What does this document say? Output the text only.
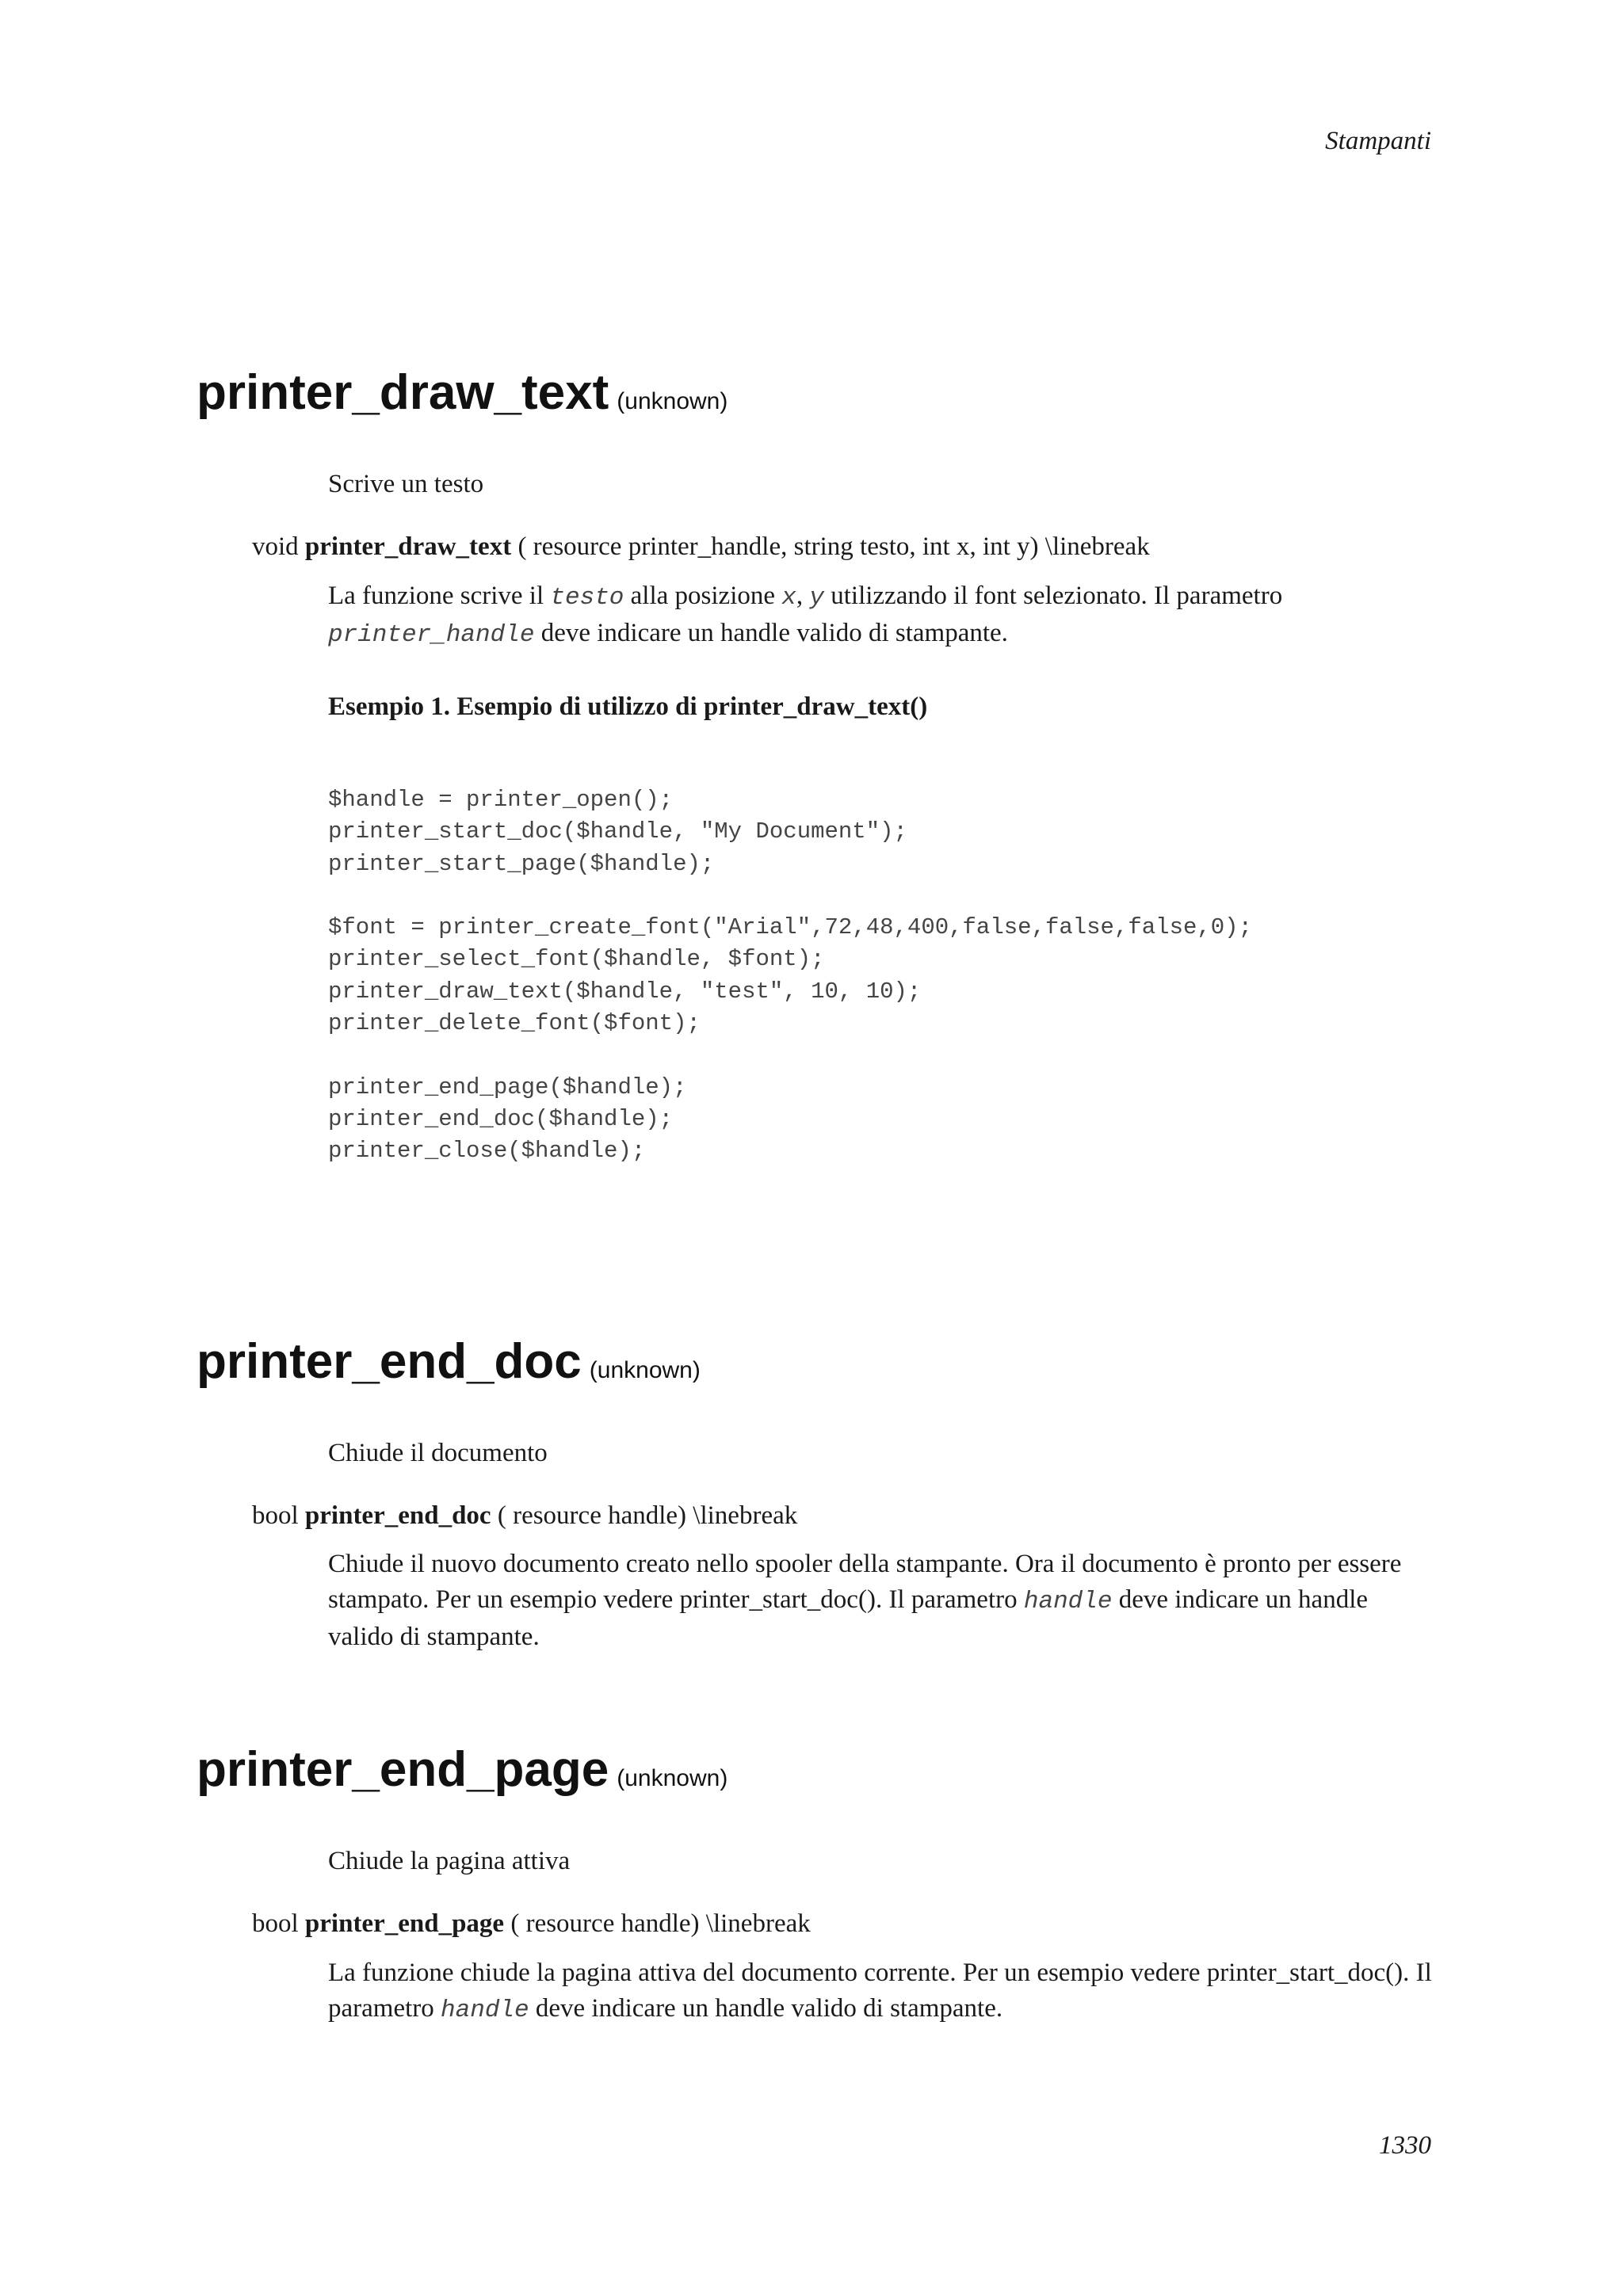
Stampanti
printer_draw_text (unknown)
Scrive un testo
void printer_draw_text ( resource printer_handle, string testo, int x, int y) \linebreak
La funzione scrive il testo alla posizione x, y utilizzando il font selezionato. Il parametro
printer_handle deve indicare un handle valido di stampante.
Esempio 1. Esempio di utilizzo di printer_draw_text()
$handle = printer_open();
printer_start_doc($handle, "My Document");
printer_start_page($handle);

$font = printer_create_font("Arial",72,48,400,false,false,false,0);
printer_select_font($handle, $font);
printer_draw_text($handle, "test", 10, 10);
printer_delete_font($font);

printer_end_page($handle);
printer_end_doc($handle);
printer_close($handle);
printer_end_doc (unknown)
Chiude il documento
bool printer_end_doc ( resource handle) \linebreak
Chiude il nuovo documento creato nello spooler della stampante. Ora il documento è pronto per essere stampato. Per un esempio vedere printer_start_doc(). Il parametro handle deve indicare un handle valido di stampante.
printer_end_page (unknown)
Chiude la pagina attiva
bool printer_end_page ( resource handle) \linebreak
La funzione chiude la pagina attiva del documento corrente. Per un esempio vedere printer_start_doc(). Il parametro handle deve indicare un handle valido di stampante.
1330
